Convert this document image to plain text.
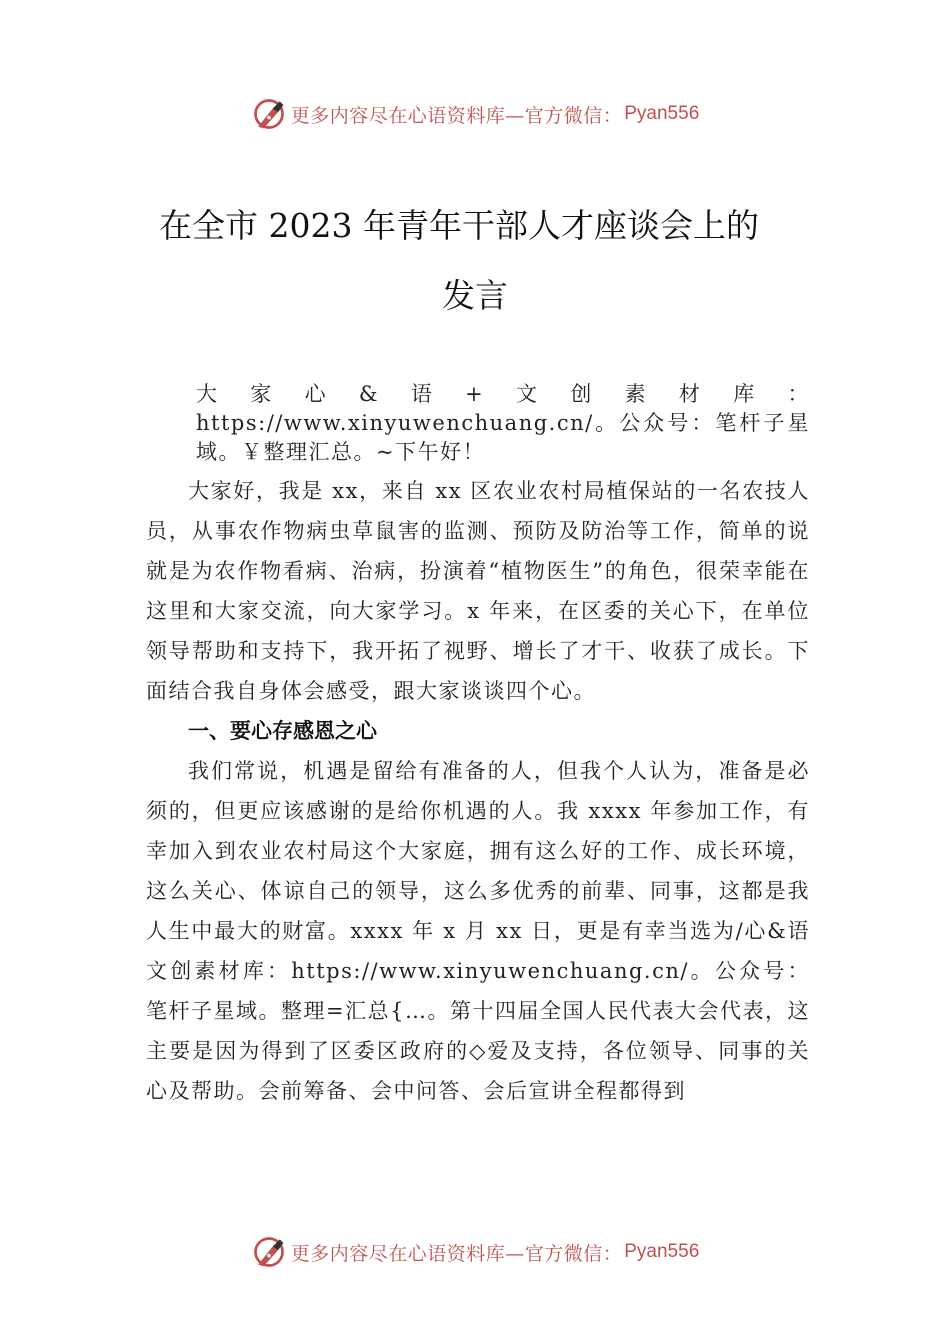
更多内容尽在心语资料库—官方微信： Pyan556
在全市 2023 年青年干部人才座谈会上的
发言

大家心&语+文创素材库：https://www.xinyuwenchuang.cn/。公众号：笔杆子星域。￥整理汇总。~下午好！

大家好，我是 xx，来自 xx 区农业农村局植保站的一名农技人员，从事农作物病虫草鼠害的监测、预防及防治等工作，简单的说就是为农作物看病、治病，扮演着“植物医生”的角色，很荣幸能在这里和大家交流，向大家学习。x 年来，在区委的关心下，在单位领导帮助和支持下，我开拓了视野、增长了才干、收获了成长。下面结合我自身体会感受，跟大家谈谈四个心。

一、要心存感恩之心

我们常说，机遇是留给有准备的人，但我个人认为，准备是必须的，但更应该感谢的是给你机遇的人。我 xxxx 年参加工作，有幸加入到农业农村局这个大家庭，拥有这么好的工作、成长环境，这么关心、体谅自己的领导，这么多优秀的前辈、同事，这都是我人生中最大的财富。xxxx 年 x 月 xx 日，更是有幸当选为/心&语文创素材库：https://www.xinyuwenchuang.cn/。公众号：笔杆子星域。整理=汇总{…。第十四届全国人民代表大会代表，这主要是因为得到了区委区政府的◇爱及支持，各位领导、同事的关心及帮助。会前筹备、会中问答、会后宣讲全程都得到

更多内容尽在心语资料库—官方微信： Pyan556
